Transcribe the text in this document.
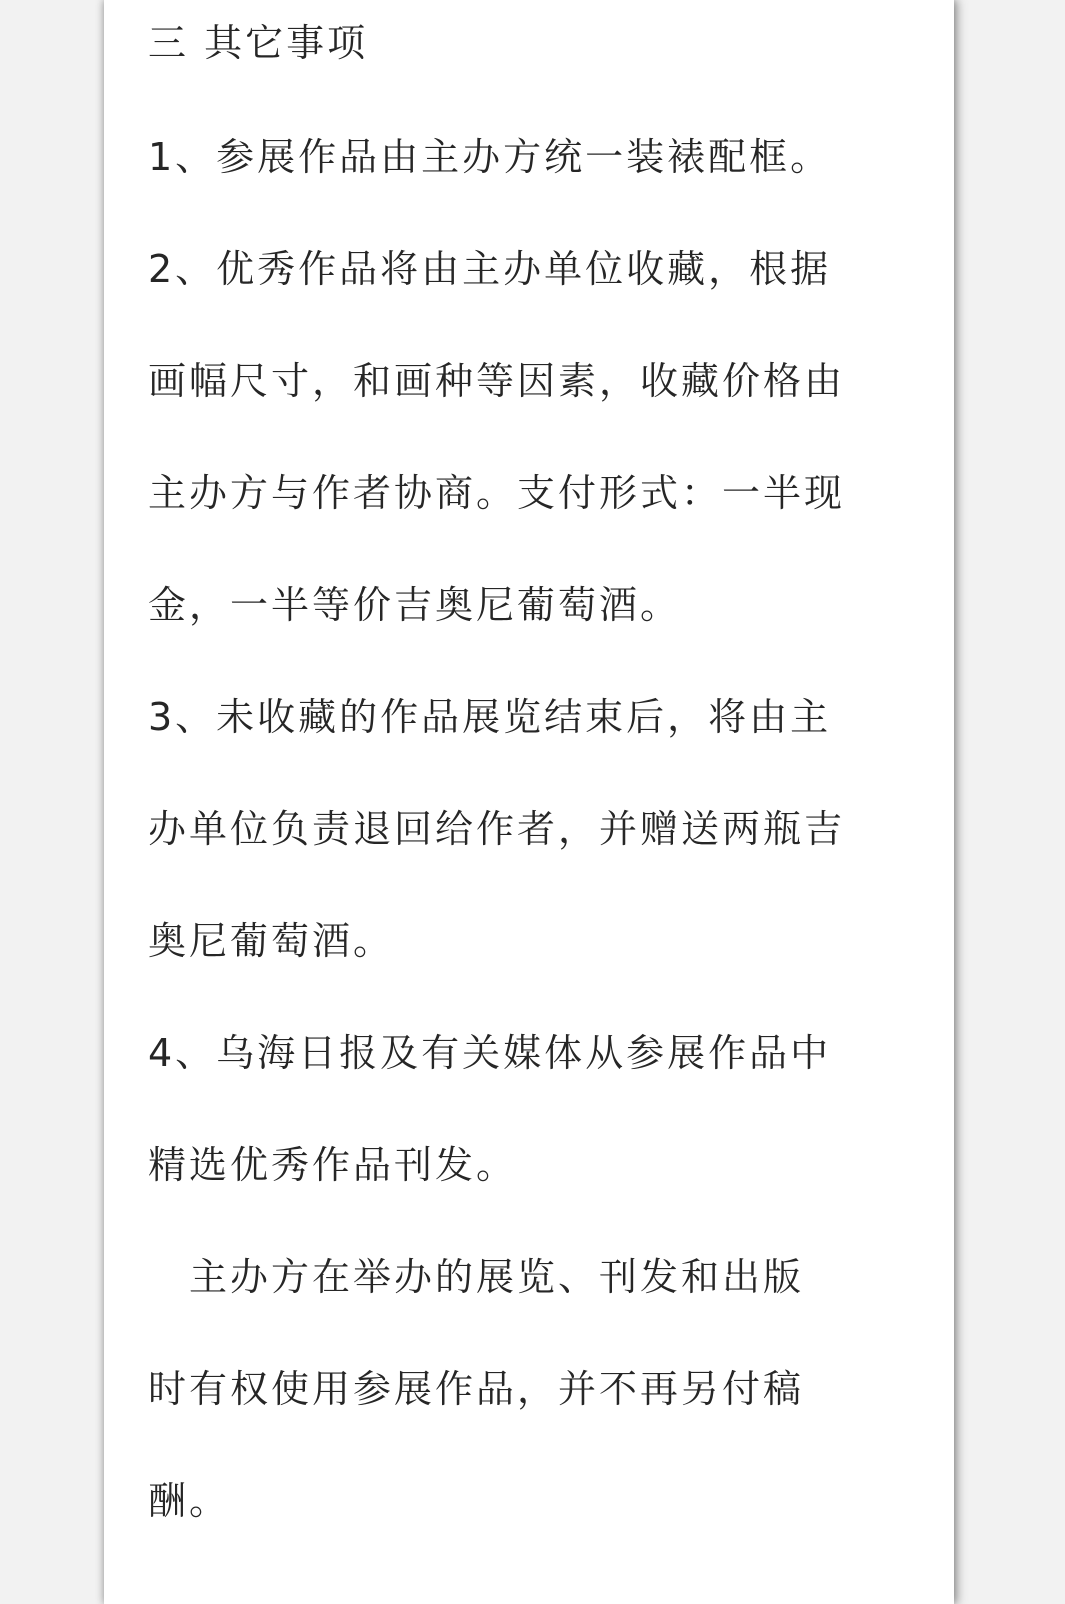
三 其它事项
1、参展作品由主办方统一装裱配框。
2、优秀作品将由主办单位收藏，根据
画幅尺寸，和画种等因素，收藏价格由
主办方与作者协商。支付形式：一半现
金，一半等价吉奥尼葡萄酒。
3、未收藏的作品展览结束后，将由主
办单位负责退回给作者，并赠送两瓶吉
奥尼葡萄酒。
4、乌海日报及有关媒体从参展作品中
精选优秀作品刊发。
　主办方在举办的展览、刊发和出版
时有权使用参展作品，并不再另付稿
酬。
